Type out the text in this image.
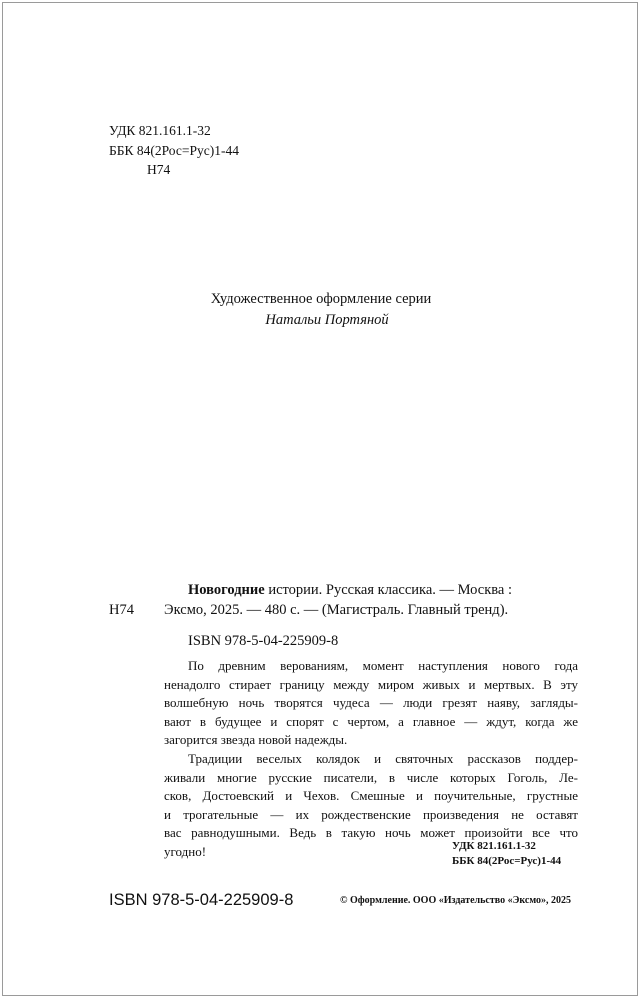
УДК 821.161.1-32
ББК 84(2Рос=Рус)1-44
Н74
Художественное оформление серии
Натальи Портяной
Новогодние истории. Русская классика. — Москва :
Н74 Эксмо, 2025. — 480 с. — (Магистраль. Главный тренд).
ISBN 978-5-04-225909-8
По древним верованиям, момент наступления нового года
ненадолго стирает границу между миром живых и мертвых. В эту
волшебную ночь творятся чудеса — люди грезят наяву, загляды-
вают в будущее и спорят с чертом, а главное — ждут, когда же
загорится звезда новой надежды.
Традиции веселых колядок и святочных рассказов поддер-
живали многие русские писатели, в числе которых Гоголь, Ле-
сков, Достоевский и Чехов. Смешные и поучительные, грустные
и трогательные — их рождественские произведения не оставят
вас равнодушными. Ведь в такую ночь может произойти все что
угодно!	УДК 821.161.1-32
ББК 84(2Рос=Рус)1-44
ISBN 978-5-04-225909-8	© Оформление. ООО «Издательство «Эксмо», 2025
